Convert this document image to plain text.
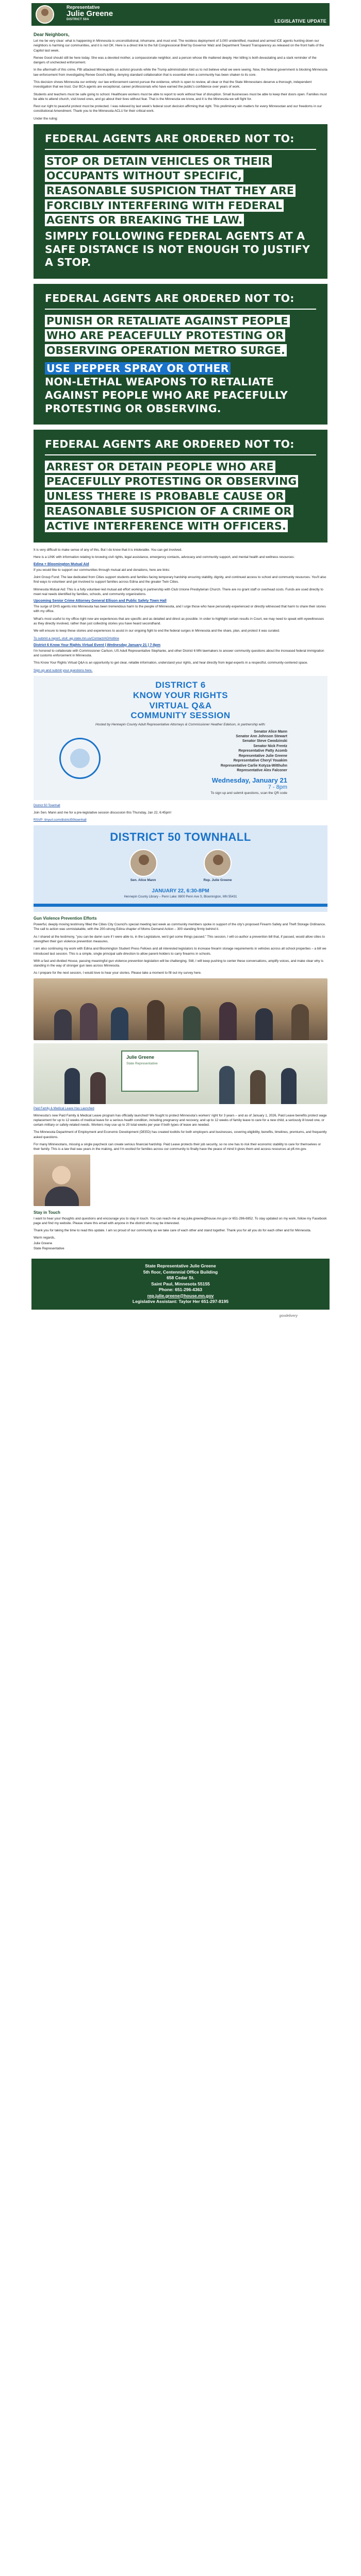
Representative
Julie Greene
DISTRICT 50A	LEGISLATIVE UPDATE
Dear Neighbors,

Let me be very clear: what is happening in Minnesota is unconstitutional, inhumane, and must end. The reckless deployment of 3,000 unidentified, masked and armed ICE agents hunting down our neighbors is harming our communities, and it is not OK. Here is a direct link to the full Congressional Brief by Governor Walz and Department Toward Transparency as released on the front halls of the Capitol last week.

Renee Good should still be here today. She was a devoted mother, a compassionate neighbor, and a person whose life mattered deeply. Her killing is both devastating and a stark reminder of the dangers of unchecked enforcement.

In the aftermath of this crime, FBI attacked Minneapolis on activist grounds while the Trump administration told us to not believe what we were seeing. Now, the federal government is blocking Minnesota law enforcement from investigating Renee Good's killing, denying standard collaboration that is essential when a community has been shaken to its core.

This decision shows Minnesota our entirely: our law enforcement cannot pursue the evidence, which is open to review, all clear or that the State Minnesotans deserve a thorough, independent investigation that we trust. Our BCA agents are exceptional, career professionals who have earned the public's confidence over years of work.

Students and teachers must be safe going to school. Healthcare workers must be able to report to work without fear of disruption. Small businesses must be able to keep their doors open. Families must be able to attend church, visit loved ones, and go about their lives without fear. That is the Minnesota we know, and it is the Minnesota we will fight for.

Rest our right to peaceful protest must be protected. I was relieved by last week's federal court decision affirming that right. This preliminary win matters for every Minnesotan and our freedoms in our constitutional Amendment. Thank you to the Minnesota ACLU for their critical work.

Under the ruling:

FEDERAL AGENTS ARE ORDERED NOT TO:
STOP OR DETAIN VEHICLES OR THEIR OCCUPANTS WITHOUT SPECIFIC, REASONABLE SUSPICION THAT THEY ARE FORCIBLY INTERFERING WITH FEDERAL AGENTS OR BREAKING THE LAW.
SIMPLY FOLLOWING FEDERAL AGENTS AT A SAFE DISTANCE IS NOT ENOUGH TO JUSTIFY A STOP.
FEDERAL AGENTS ARE ORDERED NOT TO:
PUNISH OR RETALIATE AGAINST PEOPLE WHO ARE PEACEFULLY PROTESTING OR OBSERVING OPERATION METRO SURGE.
USE PEPPER SPRAY OR OTHER
NON-LETHAL WEAPONS TO RETALIATE AGAINST PEOPLE WHO ARE PEACEFULLY PROTESTING OR OBSERVING.
FEDERAL AGENTS ARE ORDERED NOT TO:
ARREST OR DETAIN PEOPLE WHO ARE PEACEFULLY PROTESTING OR OBSERVING UNLESS THERE IS PROBABLE CAUSE OR REASONABLE SUSPICION OF A CRIME OR ACTIVE INTERFERENCE WITH OFFICERS.

It is very difficult to make sense of any of this. But I do know that it is intolerable. You can get involved.

Here is a LINK with information relating to knowing civil rights, legal assistance, emergency contacts, advocacy and community support, and mental health and wellness resources:

Edina + Bloomington Mutual Aid

If you would like to support our communities through mutual aid and donations, here are links:

Joint Group Fund: The law dedicated from Cities support students and families facing temporary hardship ensuring stability, dignity, and continued access to school and community resources. You'll also find ways to volunteer and get involved to support families across Edina and the greater Twin Cities.

Minnesota Mutual Aid: This is a fully volunteer-led mutual aid effort working in partnership with Club Unione Presbyterian Church. There are no grant staff or overhead costs. Funds are used directly to meet real needs identified by families, schools, and community organizations.

Upcoming Senior Crime Attorney General Ellison and Public Safety Town Hall

The surge of DHS agents into Minnesota has been tremendous harm to the people of Minnesota, and I urge those who have personally experienced or directly witnessed that harm to share their stories with my office.

What's most useful to my office right now are experiences that are specific and as detailed and direct as possible. In order to highlight certain results in Court, we may need to speak with eyewitnesses as they directly involved, rather than just collecting stories you have heard secondhand.

We will ensure to keep these stories and experiences to assist in our ongoing fight to end the federal surges in Minnesota and the share, plan, and protect it was curated.

To submit a report, visit: ag.state.mn.us/Contact/AGHotline

District 6 Know Your Rights Virtual Event | Wednesday January 21 | 7-8pm

I'm honored to collaborate with Commissioner Carlson, US Adult Representative Stephanie, and other District 6 MN lawmakers to answer community questions about the increased federal immigration and customs enforcement in Minnesota.

This Know Your Rights Virtual Q&A is an opportunity to get clear, reliable information, understand your rights, and hear directly from legal experts in a respectful, community-centered space.

Sign up and submit your questions here.

DISTRICT 6
KNOW YOUR RIGHTS
VIRTUAL Q&A
COMMUNITY SESSION
Hosted by Hennepin County Adult Representative Attorneys & Commissioner Heather Edelson, in partnership with:
Senator Alice Mann
Senator Ann Johnson Stewart
Senator Steve Cwodzinski
Senator Nick Frentz
Representative Patty Acomb
Representative Julie Greene
Representative Cheryl Youakim
Representative Carlie Kotyza-Witthuhn
Representative Alex Falconer
Wednesday, January 21
7 - 8pm
To sign up and submit questions, scan the QR code
District 50 Townhall

Join Sen. Mann and me for a pre-legislative session discussion this Thursday, Jan 22, 6:45pm!

RSVP: tinyurl.com/district50townhall

DISTRICT 50 TOWNHALL
Sen. Alice Mann	Rep. Julie Greene
JANUARY 22, 6:30-8PM
Hennepin County Library – Penn Lake: 8800 Penn Ave S, Bloomington, MN 55431
Gun Violence Prevention Efforts

Powerful, deeply moving testimony filled the Cities City Council's special meeting last week as community members spoke in support of the city's proposed Firearm Safety and Theft Storage Ordinance. The call to action was unmistakable, with the 200-strong Edina chapter of Moms Demand Action – 300 standing firmly behind it.

As I shared at the testimony, "you can be damn sure if I were able to, in the Legislature, we'd get some things passed." This session, I will co-author a prevention bill that, if passed, would allow cities to strengthen their gun violence prevention measures.

I am also continuing my work with Edina and Bloomington Student Press Fellows and all interested legislators to increase firearm storage requirements in vehicles across all school properties – a bill we introduced last session. This is a simple, single principal safe direction to allow parent-holders to carry firearms in schools.

With a fast and divided House, passing meaningful gun violence prevention legislation will be challenging. Still, I will keep pushing to center these conversations, amplify voices, and make clear why is standing in the way of stronger gun laws across Minnesota.

As I prepare for the next session, I would love to hear your stories. Please take a moment to fill out my survey here.

Julie Greene
State Representative
Paid Family & Medical Leave Has Launched

Minnesota's new Paid Family & Medical Leave program has officially launched! We fought to protect Minnesota's workers' right for 3 years – and as of January 1, 2026, Paid Leave benefits protect wage replacement for up to 12 weeks of medical leave for a serious health condition, including pregnancy and recovery, and up to 12 weeks of family leave to care for a new child, a seriously ill loved one, or certain military or safety-related needs. Workers may use up to 20 total weeks per year if both types of leave are needed.

The Minnesota Department of Employment and Economic Development (DEED) has created toolkits for both employers and businesses, covering eligibility, benefits, timelines, premiums, and frequently asked questions.

For many Minnesotans, missing a single paycheck can create serious financial hardship. Paid Leave protects their job security, so no one has to risk their economic stability to care for themselves or their family. This is a law that was years in the making, and I'm excited for families across our community to finally have the peace of mind it gives them and access resources at pfl.mn.gov.

Stay in Touch

I want to hear your thoughts and questions and encourage you to stay in touch. You can reach me at rep.julie.greene@house.mn.gov or 651-296-6952. To stay updated on my work, follow my Facebook page and find my website. Please share this email with anyone in the district who may be interested.

Thank you for taking the time to read this update. I am so proud of our community as we take care of each other and stand together. Thank you for all you do for each other and for Minnesota.

Warm regards,
Julie Greene
State Representative
State Representative Julie Greene
5th floor, Centennial Office Building
658 Cedar St.
Saint Paul, Minnesota 55155
Phone: 651-296-4363
rep.julie.greene@house.mn.gov
Legislative Assistant: Taylor Her 651-297-8195
govdelivery
